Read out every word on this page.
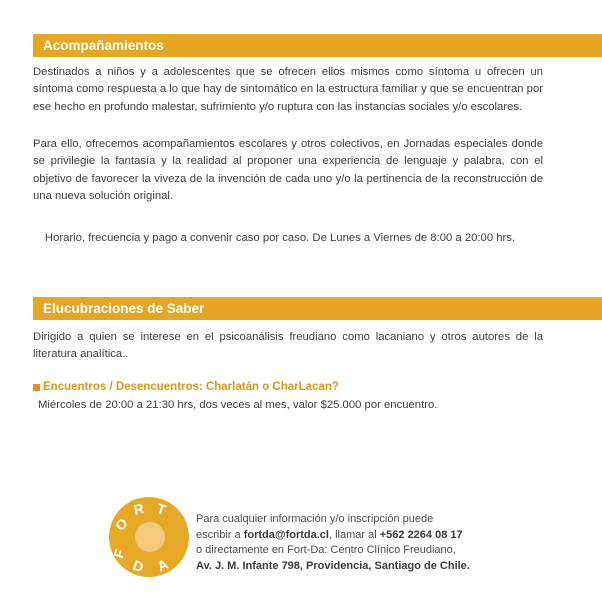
Acompañamientos

Destinados a niños y a adolescentes que se ofrecen ellos mismos como síntoma u ofrecen un síntoma como respuesta a lo que hay de sintomático en la estructura familiar y que se encuentran por ese hecho en profundo malestar, sufrimiento y/o ruptura con las instancias sociales y/o escolares.

Para ello, ofrecemos acompañamientos escolares y otros colectivos, en Jornadas especiales donde se privilegie la fantasía y la realidad al proponer una experiencia de lenguaje y palabra, con el objetivo de favorecer la viveza de la invención de cada uno y/o la pertinencia de la reconstrucción de una nueva solución original.

Horario, frecuencia y pago a convenir caso por caso. De Lunes a Viernes de 8:00 a 20:00 hrs.
Elucubraciones de Saber

Dirigido a quien se interese en el psicoanálisis freudiano como lacaniano y otros autores de la literatura analítica..

Encuentros / Desencuentros: Charlatán o CharLacan?
Miércoles de 20:00 a 21:30 hrs, dos veces al mes, valor $25.000 por encuentro.
F
O
R T
D A
Para cualquier información y/o inscripción puede
escribir a fortda@fortda.cl, llamar al +562 2264 08 17
o directamente en Fort-Da: Centro Clínico Freudiano,
Av. J. M. Infante 798, Providencia, Santiago de Chile.
